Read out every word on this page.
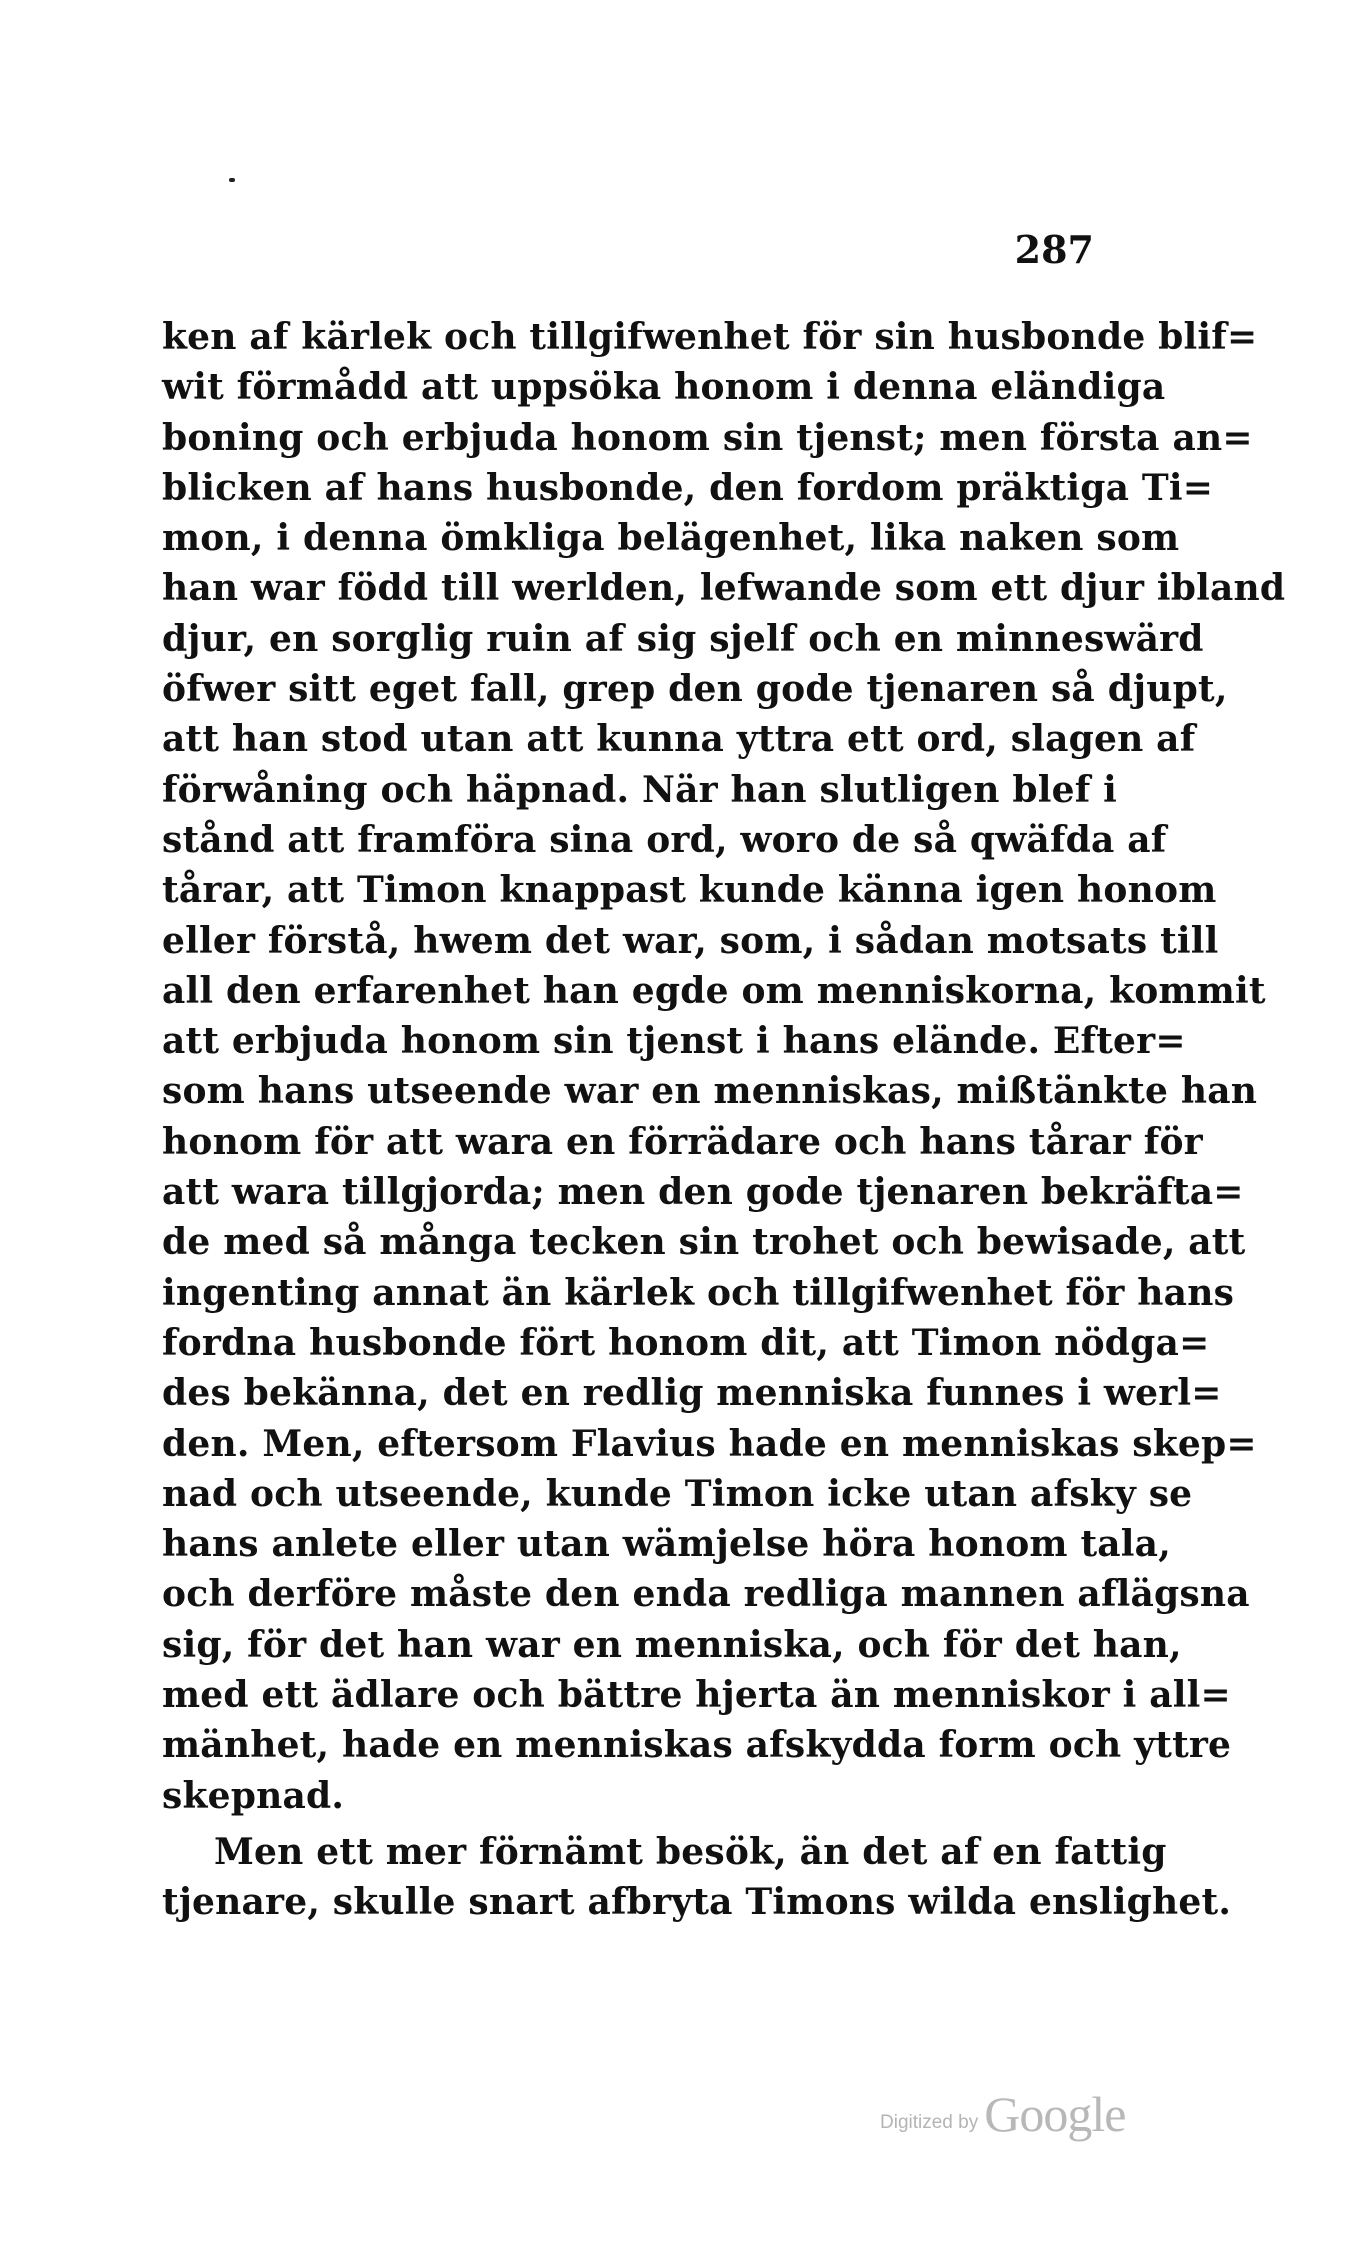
287
ken af kärlek och tillgifwenhet för sin husbonde blif=
wit förmådd att uppsöka honom i denna eländiga
boning och erbjuda honom sin tjenst; men första an=
blicken af hans husbonde, den fordom präktiga Ti=
mon, i denna ömkliga belägenhet, lika naken som
han war född till werlden, lefwande som ett djur ibland
djur, en sorglig ruin af sig sjelf och en minneswärd
öfwer sitt eget fall, grep den gode tjenaren så djupt,
att han stod utan att kunna yttra ett ord, slagen af
förwåning och häpnad. När han slutligen blef i
stånd att framföra sina ord, woro de så qwäfda af
tårar, att Timon knappast kunde känna igen honom
eller förstå, hwem det war, som, i sådan motsats till
all den erfarenhet han egde om menniskorna, kommit
att erbjuda honom sin tjenst i hans elände. Efter=
som hans utseende war en menniskas, mißtänkte han
honom för att wara en förrädare och hans tårar för
att wara tillgjorda; men den gode tjenaren bekräfta=
de med så många tecken sin trohet och bewisade, att
ingenting annat än kärlek och tillgifwenhet för hans
fordna husbonde fört honom dit, att Timon nödga=
des bekänna, det en redlig menniska funnes i werl=
den. Men, eftersom Flavius hade en menniskas skep=
nad och utseende, kunde Timon icke utan afsky se
hans anlete eller utan wämjelse höra honom tala,
och derföre måste den enda redliga mannen aflägsna
sig, för det han war en menniska, och för det han,
med ett ädlare och bättre hjerta än menniskor i all=
mänhet, hade en menniskas afskydda form och yttre
skepnad.
Men ett mer förnämt besök, än det af en fattig
tjenare, skulle snart afbryta Timons wilda enslighet.
Digitized by Google
